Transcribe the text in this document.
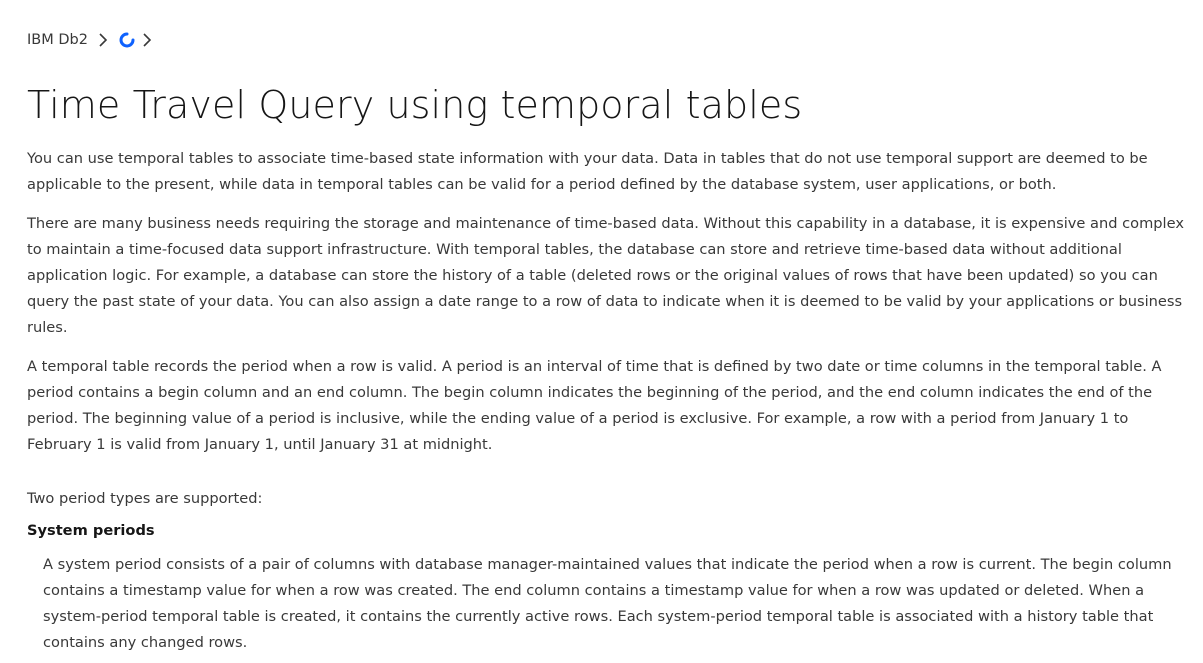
IBM Db2
Time Travel Query using temporal tables

You can use temporal tables to associate time-based state information with your data. Data in tables that do not use temporal support are deemed to be applicable to the present, while data in temporal tables can be valid for a period defined by the database system, user applications, or both.

There are many business needs requiring the storage and maintenance of time-based data. Without this capability in a database, it is expensive and complex to maintain a time-focused data support infrastructure. With temporal tables, the database can store and retrieve time-based data without additional application logic. For example, a database can store the history of a table (deleted rows or the original values of rows that have been updated) so you can query the past state of your data. You can also assign a date range to a row of data to indicate when it is deemed to be valid by your applications or business rules.

A temporal table records the period when a row is valid. A period is an interval of time that is defined by two date or time columns in the temporal table. A period contains a begin column and an end column. The begin column indicates the beginning of the period, and the end column indicates the end of the period. The beginning value of a period is inclusive, while the ending value of a period is exclusive. For example, a row with a period from January 1 to February 1 is valid from January 1, until January 31 at midnight.

Two period types are supported:

System periods
A system period consists of a pair of columns with database manager-maintained values that indicate the period when a row is current. The begin column contains a timestamp value for when a row was created. The end column contains a timestamp value for when a row was updated or deleted. When a system-period temporal table is created, it contains the currently active rows. Each system-period temporal table is associated with a history table that contains any changed rows.
